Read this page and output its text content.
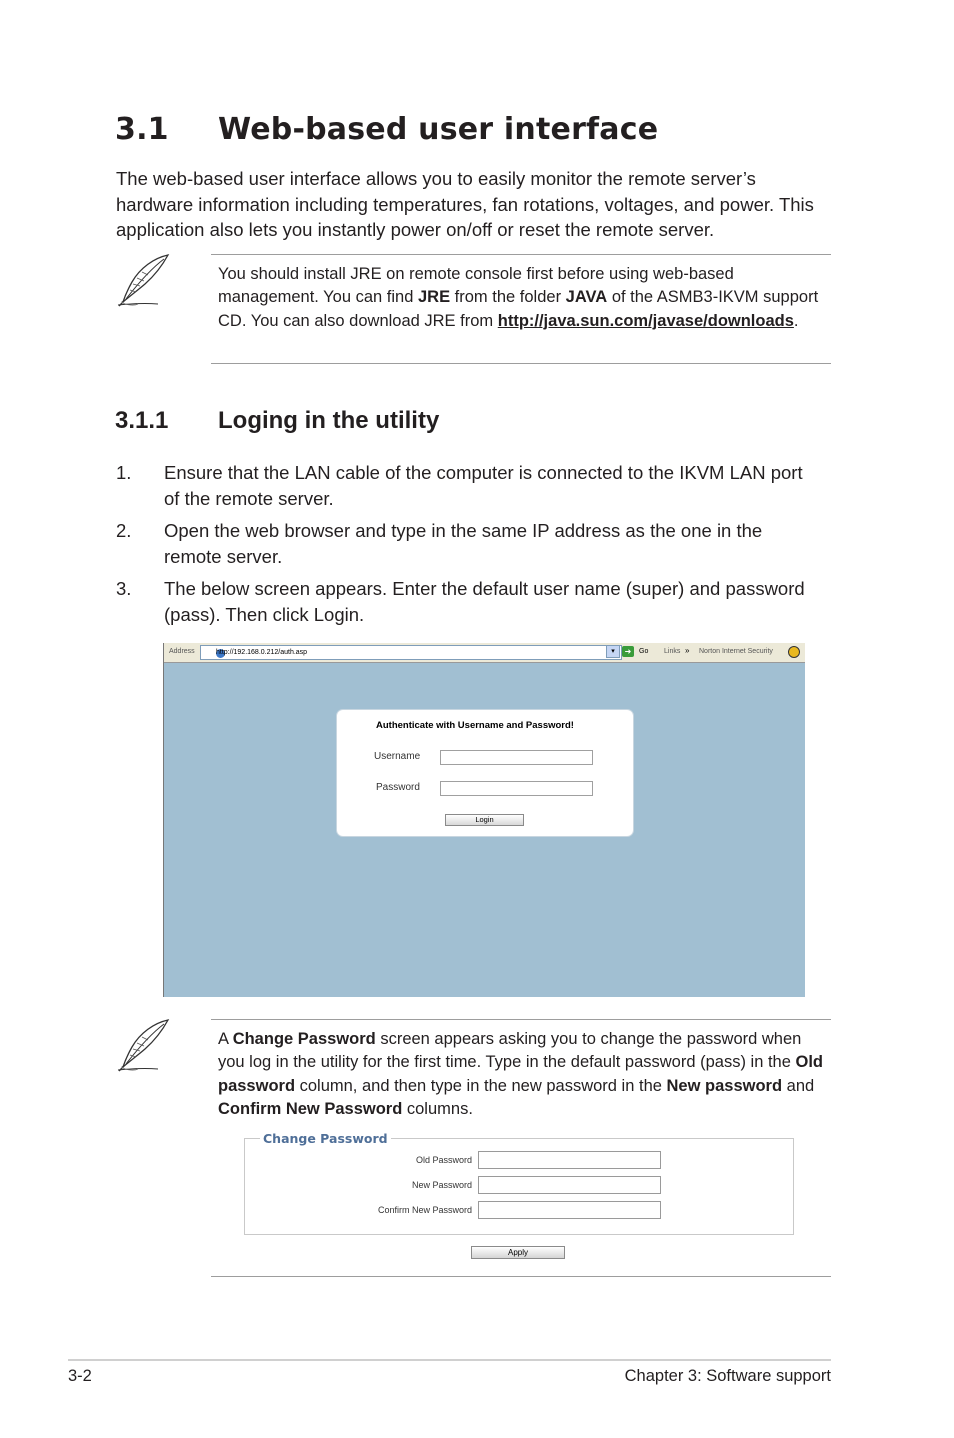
3.1 Web-based user interface

The web-based user interface allows you to easily monitor the remote server’s hardware information including temperatures, fan rotations, voltages, and power. This application also lets you instantly power on/off or reset the remote server.

You should install JRE on remote console first before using web-based management. You can find JRE from the folder JAVA of the ASMB3-IKVM support CD. You can also download JRE from http://java.sun.com/javase/downloads.

3.1.1 Loging in the utility
1. Ensure that the LAN cable of the computer is connected to the IKVM LAN port of the remote server.
2. Open the web browser and type in the same IP address as the one in the remote server.
3. The below screen appears. Enter the default user name (super) and password (pass). Then click Login.
Address	http://192.168.0.212/auth.asp	▾	➜	Go Links » Norton Internet Security
Authenticate with Username and Password!
Username
Password
Login

A Change Password screen appears asking you to change the password when you log in the utility for the first time. Type in the default password (pass) in the Old password column, and then type in the new password in the New password and Confirm New Password columns.

Change Password
Old Password
New Password
Confirm New Password
Apply
3-2	Chapter 3: Software support
